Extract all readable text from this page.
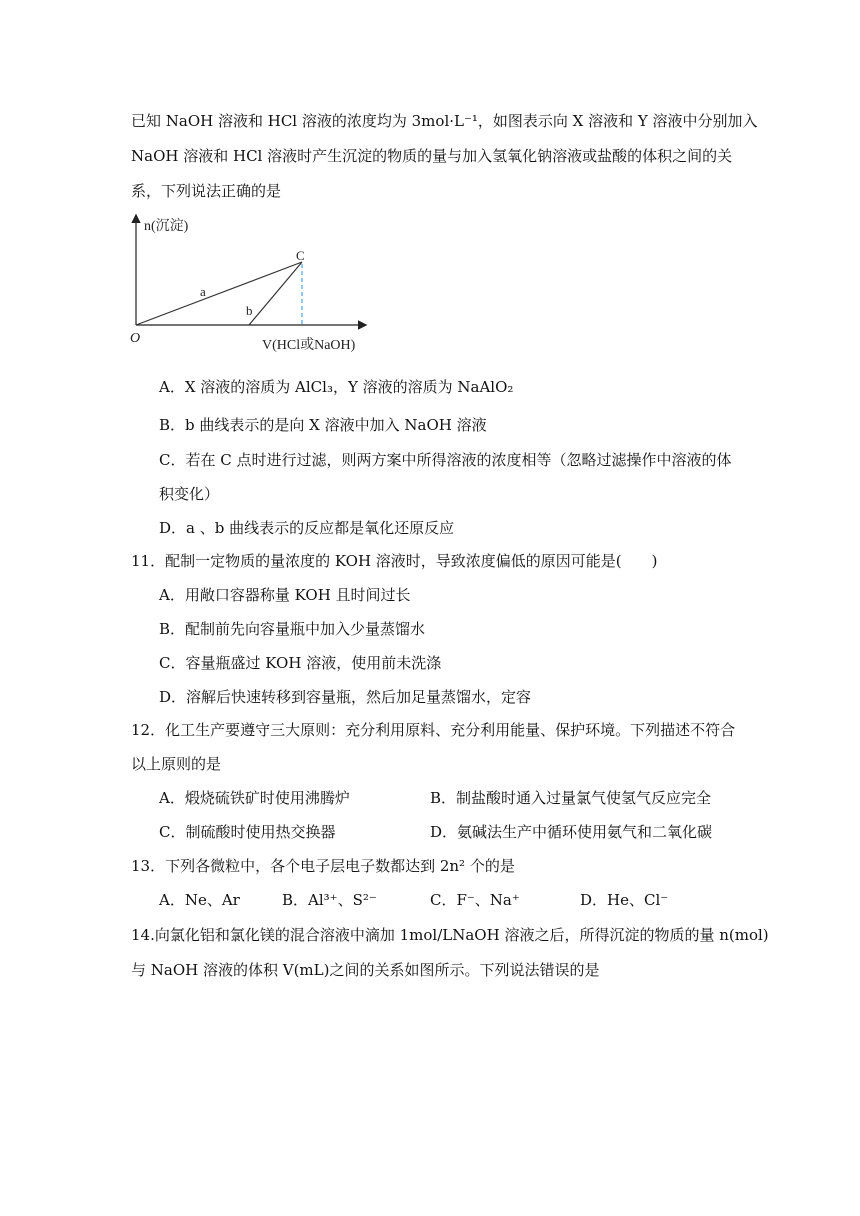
已知 NaOH 溶液和 HCl 溶液的浓度均为 3mol·L⁻¹，如图表示向 X 溶液和 Y 溶液中分别加入
NaOH 溶液和 HCl 溶液时产生沉淀的物质的量与加入氢氧化钠溶液或盐酸的体积之间的关
系，下列说法正确的是
n(沉淀)
C
a
b
O	V(HCl或NaOH)
A．X 溶液的溶质为 AlCl₃，Y 溶液的溶质为 NaAlO₂
B．b 曲线表示的是向 X 溶液中加入 NaOH 溶液
C．若在 C 点时进行过滤，则两方案中所得溶液的浓度相等（忽略过滤操作中溶液的体
积变化）
D．a 、b 曲线表示的反应都是氧化还原反应
11．配制一定物质的量浓度的 KOH 溶液时，导致浓度偏低的原因可能是(　　)
A．用敞口容器称量 KOH 且时间过长
B．配制前先向容量瓶中加入少量蒸馏水
C．容量瓶盛过 KOH 溶液，使用前未洗涤
D．溶解后快速转移到容量瓶，然后加足量蒸馏水，定容
12．化工生产要遵守三大原则：充分利用原料、充分利用能量、保护环境。下列描述不符合
以上原则的是
A．煅烧硫铁矿时使用沸腾炉	B．制盐酸时通入过量氯气使氢气反应完全
C．制硫酸时使用热交换器	D．氨碱法生产中循环使用氨气和二氧化碳
13．下列各微粒中，各个电子层电子数都达到 2n² 个的是
A．Ne、Ar	B．Al³⁺、S²⁻	C．F⁻、Na⁺	D．He、Cl⁻
14.向氯化铝和氯化镁的混合溶液中滴加 1mol/LNaOH 溶液之后，所得沉淀的物质的量 n(mol)
与 NaOH 溶液的体积 V(mL)之间的关系如图所示。下列说法错误的是
